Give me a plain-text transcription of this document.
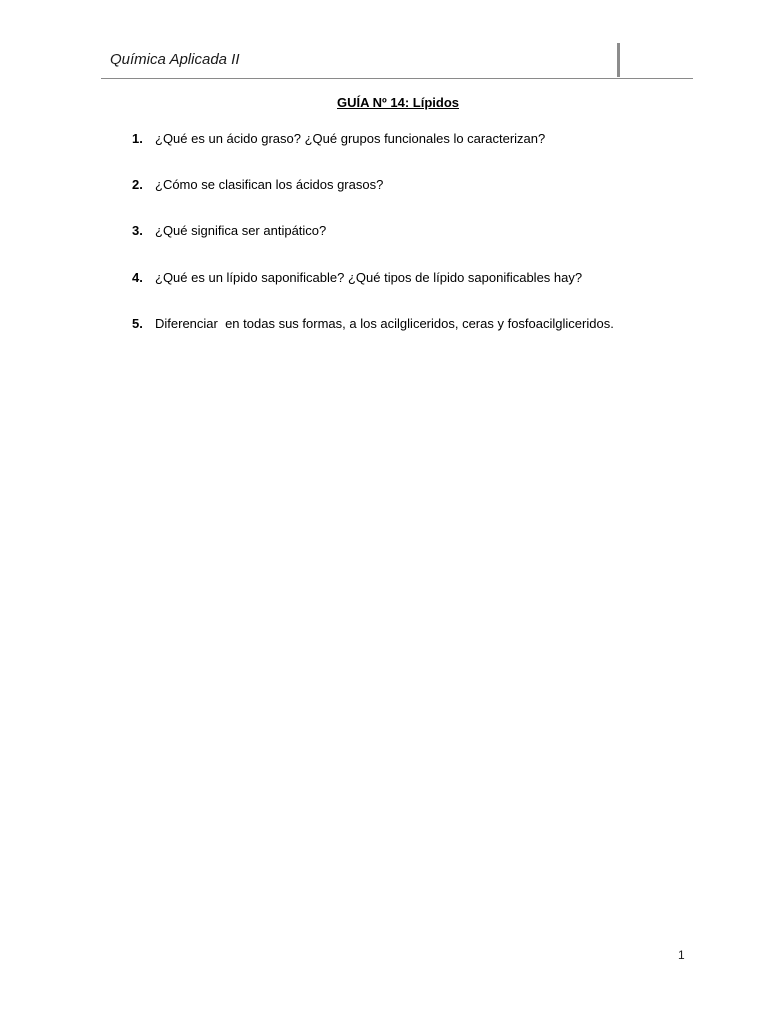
Química Aplicada II
GUÍA Nº 14: Lípidos
1. ¿Qué es un ácido graso? ¿Qué grupos funcionales lo caracterizan?
2. ¿Cómo se clasifican los ácidos grasos?
3. ¿Qué significa ser antipático?
4. ¿Qué es un lípido saponificable? ¿Qué tipos de lípido saponificables hay?
5. Diferenciar  en todas sus formas, a los acilgliceridos, ceras y fosfoacilgliceridos.
1
